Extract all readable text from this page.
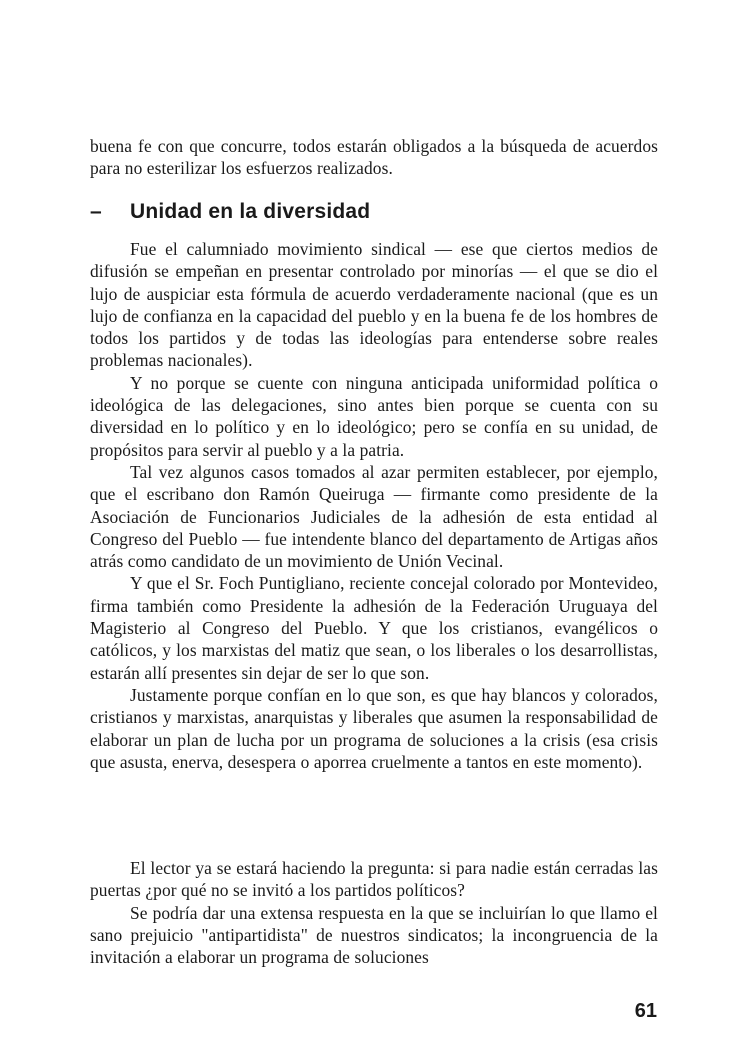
buena fe con que concurre, todos estarán obligados a la búsqueda de acuerdos para no esterilizar los esfuerzos realizados.

– Unidad en la diversidad

Fue el calumniado movimiento sindical — ese que ciertos medios de difusión se empeñan en presentar controlado por minorías — el que se dio el lujo de auspiciar esta fórmula de acuerdo verdaderamente nacional (que es un lujo de confianza en la capacidad del pueblo y en la buena fe de los hombres de todos los partidos y de todas las ideologías para entenderse sobre reales problemas nacionales).

Y no porque se cuente con ninguna anticipada uniformidad política o ideológica de las delegaciones, sino antes bien porque se cuenta con su diversidad en lo político y en lo ideológico; pero se confía en su unidad, de propósitos para servir al pueblo y a la patria.

Tal vez algunos casos tomados al azar permiten establecer, por ejemplo, que el escribano don Ramón Queiruga — firmante como presidente de la Asociación de Funcionarios Judiciales de la adhesión de esta entidad al Congreso del Pueblo — fue intendente blanco del departamento de Artigas años atrás como candidato de un movimiento de Unión Vecinal.

Y que el Sr. Foch Puntigliano, reciente concejal colorado por Montevideo, firma también como Presidente la adhesión de la Federación Uruguaya del Magisterio al Congreso del Pueblo. Y que los cristianos, evangélicos o católicos, y los marxistas del matiz que sean, o los liberales o los desarrollistas, estarán allí presentes sin dejar de ser lo que son.

Justamente porque confían en lo que son, es que hay blancos y colorados, cristianos y marxistas, anarquistas y liberales que asumen la responsabilidad de elaborar un plan de lucha por un programa de soluciones a la crisis (esa crisis que asusta, enerva, desespera o aporrea cruelmente a tantos en este momento).

El lector ya se estará haciendo la pregunta: si para nadie están cerradas las puertas ¿por qué no se invitó a los partidos políticos?

Se podría dar una extensa respuesta en la que se incluirían lo que llamo el sano prejuicio "antipartidista" de nuestros sindicatos; la incongruencia de la invitación a elaborar un programa de soluciones

61
